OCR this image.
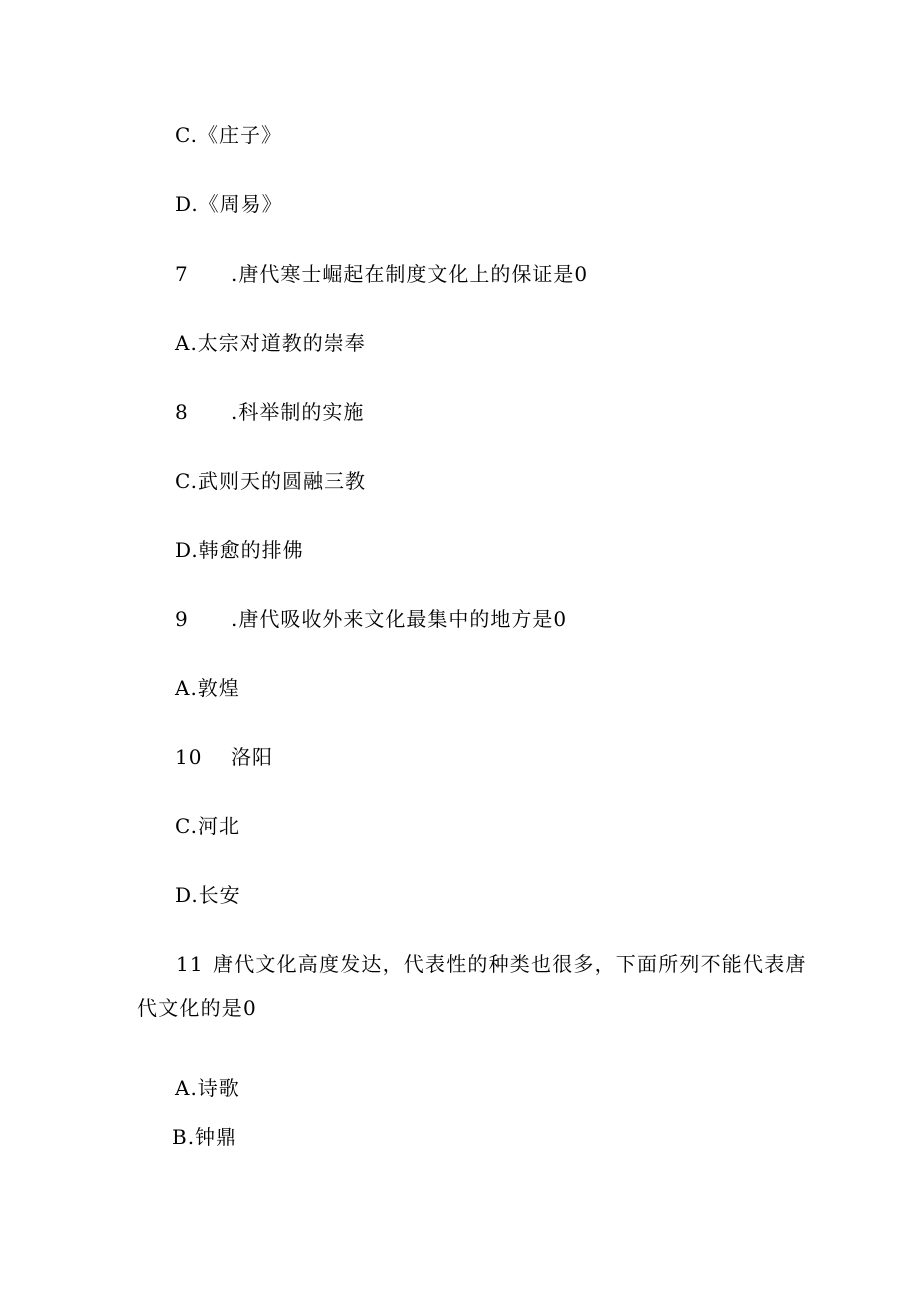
C.《庄子》
D.《周易》
7 .唐代寒士崛起在制度文化上的保证是0
A.太宗对道教的崇奉
8 .科举制的实施
C.武则天的圆融三教
D.韩愈的排佛
9 .唐代吸收外来文化最集中的地方是0
A.敦煌
10 洛阳
C.河北
D.长安
11 唐代文化高度发达，代表性的种类也很多，下面所列不能代表唐代文化的是0
A.诗歌
B.钟鼎
